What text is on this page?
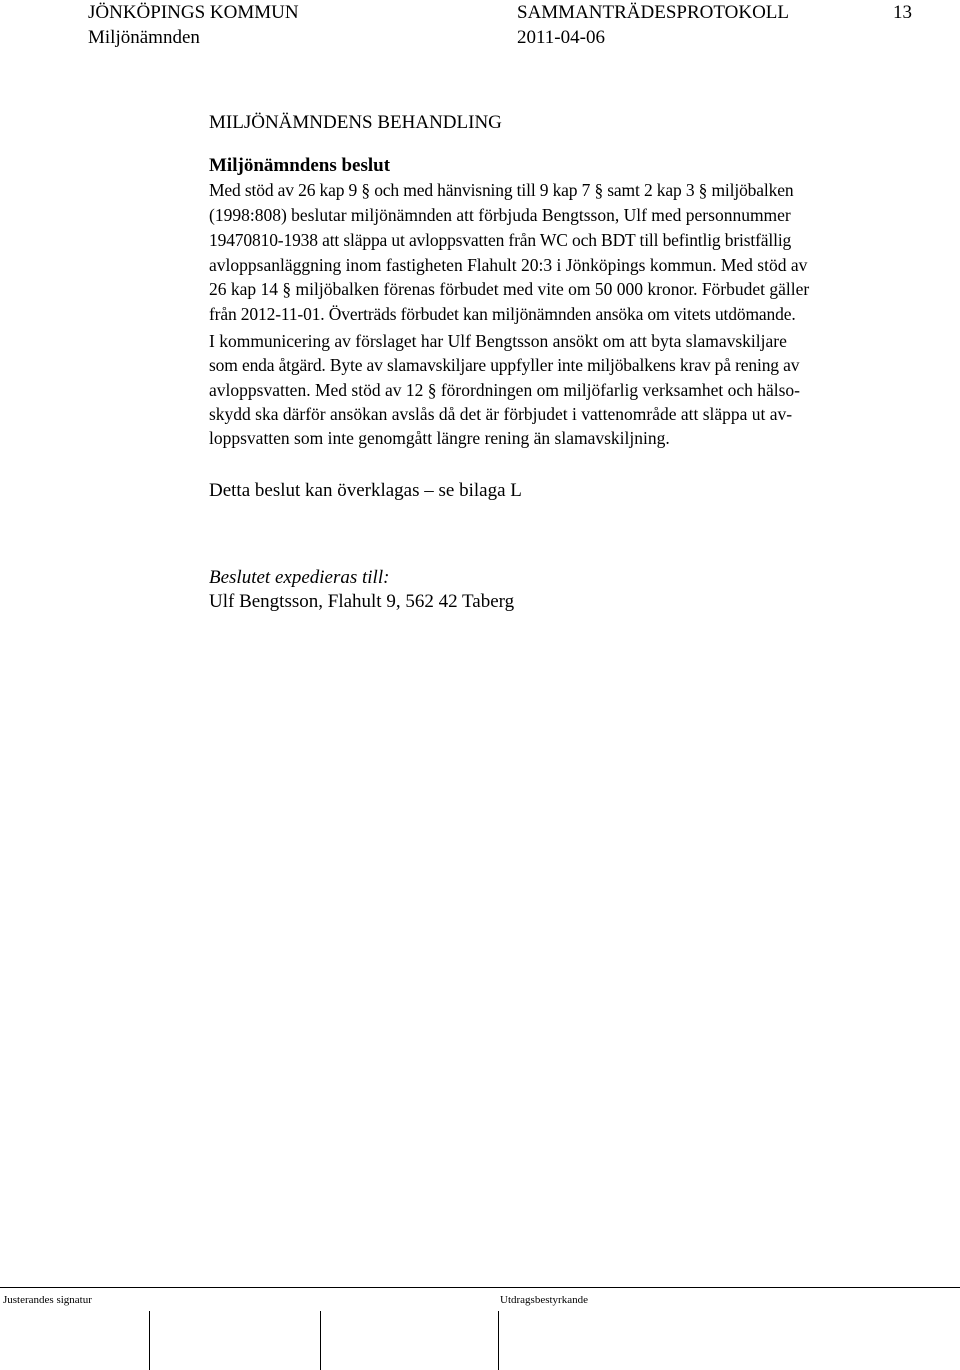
JÖNKÖPINGS KOMMUN	SAMMANTRÄDESPROTOKOLL	13
Miljönämnden	2011-04-06
MILJÖNÄMNDENS BEHANDLING
Miljönämndens beslut
Med stöd av 26 kap 9 § och med hänvisning till 9 kap 7 § samt 2 kap 3 § miljöbalken
(1998:808) beslutar miljönämnden att förbjuda Bengtsson, Ulf med personnummer
19470810-1938 att släppa ut avloppsvatten från WC och BDT till befintlig bristfällig
avloppsanläggning inom fastigheten Flahult 20:3 i Jönköpings kommun. Med stöd av
26 kap 14 § miljöbalken förenas förbudet med vite om 50 000 kronor. Förbudet gäller
från 2012-11-01. Överträds förbudet kan miljönämnden ansöka om vitets utdömande.
I kommunicering av förslaget har Ulf Bengtsson ansökt om att byta slamavskiljare
som enda åtgärd. Byte av slamavskiljare uppfyller inte miljöbalkens krav på rening av
avloppsvatten. Med stöd av 12 § förordningen om miljöfarlig verksamhet och hälso-
skydd ska därför ansökan avslås då det är förbjudet i vattenområde att släppa ut av-
loppsvatten som inte genomgått längre rening än slamavskiljning.
Detta beslut kan överklagas – se bilaga L
Beslutet expedieras till:
Ulf Bengtsson, Flahult 9, 562 42 Taberg
Justerandes signatur	Utdragsbestyrkande
